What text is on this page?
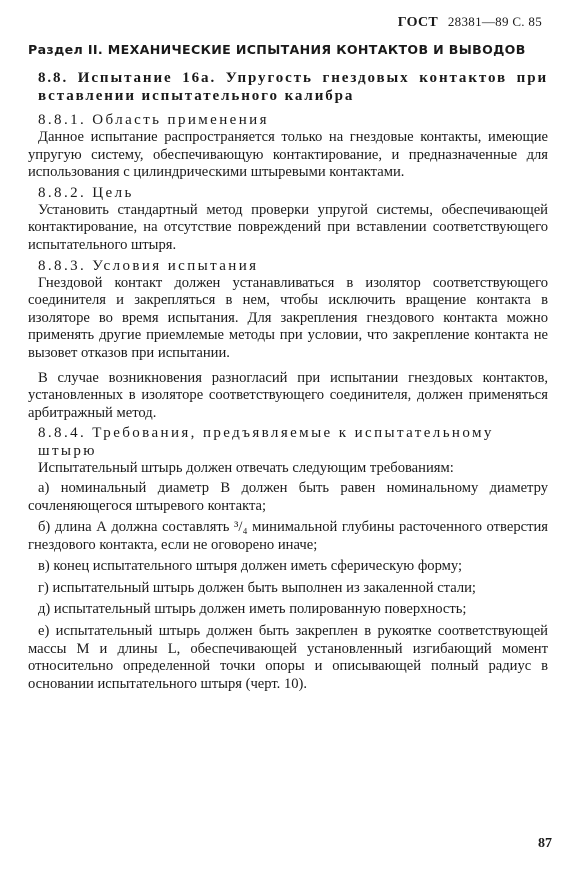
ГОСТ 28381—89 С. 85
Раздел II. МЕХАНИЧЕСКИЕ ИСПЫТАНИЯ КОНТАКТОВ И ВЫВОДОВ
8.8. Испытание 16а. Упругость гнездовых контактов при вставлении испытательного калибра
8.8.1. Область применения

Данное испытание распространяется только на гнездовые контакты, имеющие упругую систему, обеспечивающую контактирование, и предназначенные для использования с цилиндрическими штыревыми контактами.

8.8.2. Цель

Установить стандартный метод проверки упругой системы, обеспечивающей контактирование, на отсутствие повреждений при вставлении соответствующего испытательного штыря.

8.8.3. Условия испытания

Гнездовой контакт должен устанавливаться в изолятор соответствующего соединителя и закрепляться в нем, чтобы исключить вращение контакта в изоляторе во время испытания. Для закрепления гнездового контакта можно применять другие приемлемые методы при условии, что закрепление контакта не вызовет отказов при испытании.

В случае возникновения разногласий при испытании гнездовых контактов, установленных в изоляторе соответствующего соединителя, должен применяться арбитражный метод.

8.8.4. Требования, предъявляемые к испытательному штырю

Испытательный штырь должен отвечать следующим требованиям:

а) номинальный диаметр В должен быть равен номинальному диаметру сочленяющегося штыревого контакта;

б) длина А должна составлять ³/₄ минимальной глубины расточенного отверстия гнездового контакта, если не оговорено иначе;

в) конец испытательного штыря должен иметь сферическую форму;

г) испытательный штырь должен быть выполнен из закаленной стали;

д) испытательный штырь должен иметь полированную поверхность;

е) испытательный штырь должен быть закреплен в рукоятке соответствующей массы М и длины L, обеспечивающей установленный изгибающий момент относительно определенной точки опоры и описывающей полный радиус в основании испытательного штыря (черт. 10).

87
